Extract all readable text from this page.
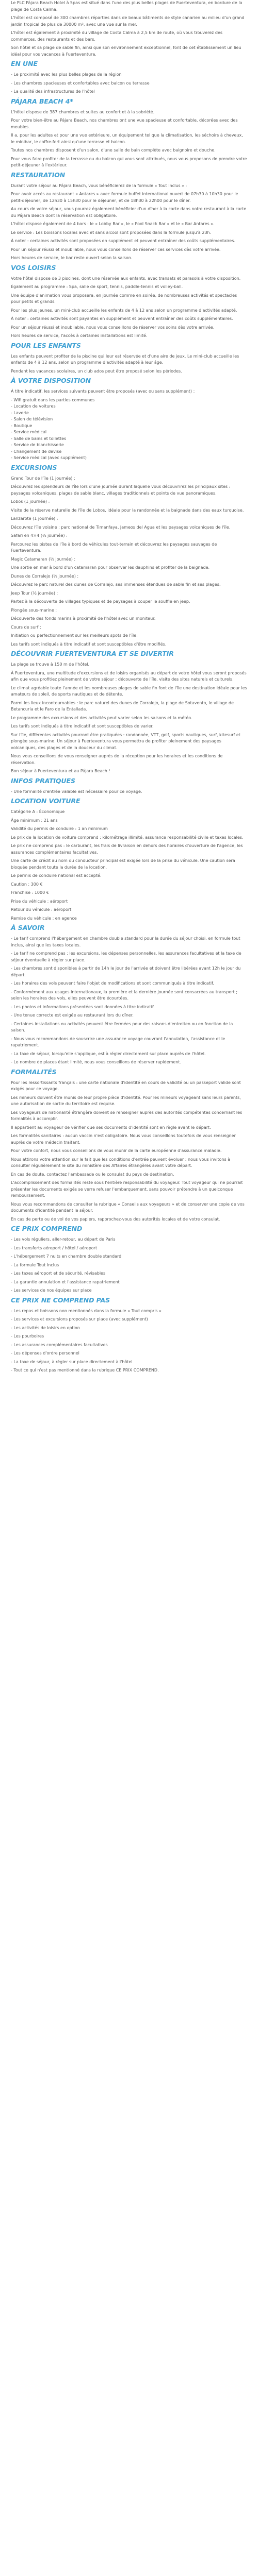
Le PLC Pájara Beach Hotel à 5pas est situé dans l'une des plus belles plages de Fuerteventura, en bordure de la plage de Costa Calma.

L'hôtel est composé de 300 chambres réparties dans de beaux bâtiments de style canarien au milieu d'un grand jardin tropical de plus de 30000 m², avec une vue sur la mer.

L'hôtel est également à proximité du village de Costa Calma à 2,5 km de route, où vous trouverez des commerces, des restaurants et des bars.

Son hôtel et sa plage de sable fin, ainsi que son environnement exceptionnel, font de cet établissement un lieu idéal pour vos vacances à Fuerteventura.

EN UNE

- Le proximité avec les plus belles plages de la région

- Les chambres spacieuses et confortables avec balcon ou terrasse

- La qualité des infrastructures de l'hôtel

PÁJARA BEACH 4*

L'hôtel dispose de 387 chambres et suites au confort et à la sobriété.

Pour votre bien-être au Pájara Beach, nos chambres ont une vue spacieuse et confortable, décorées avec des meubles.

Il a, pour les adultes et pour une vue extérieure, un équipement tel que la climatisation, les séchoirs à cheveux, le minibar, le coffre-fort ainsi qu'une terrasse et balcon.

Toutes nos chambres disposent d'un salon, d'une salle de bain complète avec baignoire et douche.

Pour vous faire profiter de la terrasse ou du balcon qui vous sont attribués, nous vous proposons de prendre votre petit-déjeuner à l'extérieur.

RESTAURATION

Durant votre séjour au Pájara Beach, vous bénéficierez de la formule « Tout Inclus » :

Pour avoir accès au restaurant « Antares » avec formule buffet international ouvert de 07h30 à 10h30 pour le petit-déjeuner, de 12h30 à 15h30 pour le déjeuner, et de 18h30 à 22h00 pour le dîner.

Au cours de votre séjour, vous pourrez également bénéficier d'un dîner à la carte dans notre restaurant à la carte du Pájara Beach dont la réservation est obligatoire.

L'hôtel dispose également de 4 bars : le « Lobby Bar », le « Pool Snack Bar » et le « Bar Antares ».

Le service : Les boissons locales avec et sans alcool sont proposées dans la formule jusqu'à 23h.

À noter : certaines activités sont proposées en supplément et peuvent entraîner des coûts supplémentaires.

Pour un séjour réussi et inoubliable, nous vous conseillons de réserver ces services dès votre arrivée.

Hors heures de service, le bar reste ouvert selon la saison.

VOS LOISIRS

Votre hôtel dispose de 3 piscines, dont une réservée aux enfants, avec transats et parasols à votre disposition.

Également au programme : Spa, salle de sport, tennis, paddle-tennis et volley-ball.

Une équipe d'animation vous proposera, en journée comme en soirée, de nombreuses activités et spectacles pour petits et grands.

Pour les plus jeunes, un mini-club accueille les enfants de 4 à 12 ans selon un programme d'activités adapté.

À noter : certaines activités sont payantes en supplément et peuvent entraîner des coûts supplémentaires.

Pour un séjour réussi et inoubliable, nous vous conseillons de réserver vos soins dès votre arrivée.

Hors heures de service, l'accès à certaines installations est limité.

POUR LES ENFANTS

Les enfants peuvent profiter de la piscine qui leur est réservée et d'une aire de jeux. Le mini-club accueille les enfants de 4 à 12 ans, selon un programme d'activités adapté à leur âge.

Pendant les vacances scolaires, un club ados peut être proposé selon les périodes.

À VOTRE DISPOSITION

À titre indicatif, les services suivants peuvent être proposés (avec ou sans supplément) :

- Wifi gratuit dans les parties communes
- Location de voitures
- Laverie
- Salon de télévision
- Boutique
- Service médical
- Salle de bains et toilettes
- Service de blanchisserie
- Changement de devise
- Service médical (avec supplément)
EXCURSIONS

Grand Tour de l'île (1 journée) :

Découvrez les splendeurs de l'île lors d'une journée durant laquelle vous découvrirez les principaux sites : paysages volcaniques, plages de sable blanc, villages traditionnels et points de vue panoramiques.

Lobos (1 journée) :

Visite de la réserve naturelle de l'île de Lobos, idéale pour la randonnée et la baignade dans des eaux turquoise.

Lanzarote (1 journée) :

Découvrez l'île voisine : parc national de Timanfaya, Jameos del Agua et les paysages volcaniques de l'île.

Safari en 4×4 (½ journée) :

Parcourez les pistes de l'île à bord de véhicules tout-terrain et découvrez les paysages sauvages de Fuerteventura.

Magic Catamaran (½ journée) :

Une sortie en mer à bord d'un catamaran pour observer les dauphins et profiter de la baignade.

Dunes de Corralejo (½ journée) :

Découvrez le parc naturel des dunes de Corralejo, ses immenses étendues de sable fin et ses plages.

Jeep Tour (½ journée) :

Partez à la découverte de villages typiques et de paysages à couper le souffle en jeep.

Plongée sous-marine :

Découverte des fonds marins à proximité de l'hôtel avec un moniteur.

Cours de surf :

Initiation ou perfectionnement sur les meilleurs spots de l'île.

Les tarifs sont indiqués à titre indicatif et sont susceptibles d'être modifiés.

DÉCOUVRIR FUERTEVENTURA ET SE DIVERTIR

La plage se trouve à 150 m de l'hôtel.

À Fuerteventura, une multitude d'excursions et de loisirs organisés au départ de votre hôtel vous seront proposés afin que vous profitiez pleinement de votre séjour : découverte de l'île, visite des sites naturels et culturels.

Le climat agréable toute l'année et les nombreuses plages de sable fin font de l'île une destination idéale pour les amateurs de soleil, de sports nautiques et de détente.

Parmi les lieux incontournables : le parc naturel des dunes de Corralejo, la plage de Sotavento, le village de Betancuria et le Faro de la Entallada.

Le programme des excursions et des activités peut varier selon les saisons et la météo.

Les tarifs sont indiqués à titre indicatif et sont susceptibles de varier.

Sur l'île, différentes activités pourront être pratiquées : randonnée, VTT, golf, sports nautiques, surf, kitesurf et plongée sous-marine. Un séjour à Fuerteventura vous permettra de profiter pleinement des paysages volcaniques, des plages et de la douceur du climat.

Nous vous conseillons de vous renseigner auprès de la réception pour les horaires et les conditions de réservation.

Bon séjour à Fuerteventura et au Pájara Beach !

INFOS PRATIQUES

- Une formalité d'entrée valable est nécessaire pour ce voyage.

LOCATION VOITURE

Catégorie A : Économique

Âge minimum : 21 ans

Validité du permis de conduire : 1 an minimum

Le prix de la location de voiture comprend : kilométrage illimité, assurance responsabilité civile et taxes locales.

Le prix ne comprend pas : le carburant, les frais de livraison en dehors des horaires d'ouverture de l'agence, les assurances complémentaires facultatives.

Une carte de crédit au nom du conducteur principal est exigée lors de la prise du véhicule. Une caution sera bloquée pendant toute la durée de la location.

Le permis de conduire national est accepté.

Caution : 300 €

Franchise : 1000 €

Prise du véhicule : aéroport

Retour du véhicule : aéroport

Remise du véhicule : en agence

À SAVOIR

- Le tarif comprend l'hébergement en chambre double standard pour la durée du séjour choisi, en formule tout inclus, ainsi que les taxes locales.

- Le tarif ne comprend pas : les excursions, les dépenses personnelles, les assurances facultatives et la taxe de séjour éventuelle à régler sur place.

- Les chambres sont disponibles à partir de 14h le jour de l'arrivée et doivent être libérées avant 12h le jour du départ.

- Les horaires des vols peuvent faire l'objet de modifications et sont communiqués à titre indicatif.

- Conformément aux usages internationaux, la première et la dernière journée sont consacrées au transport ; selon les horaires des vols, elles peuvent être écourtées.

- Les photos et informations présentées sont données à titre indicatif.

- Une tenue correcte est exigée au restaurant lors du dîner.

- Certaines installations ou activités peuvent être fermées pour des raisons d'entretien ou en fonction de la saison.

- Nous vous recommandons de souscrire une assurance voyage couvrant l'annulation, l'assistance et le rapatriement.

- La taxe de séjour, lorsqu'elle s'applique, est à régler directement sur place auprès de l'hôtel.

- Le nombre de places étant limité, nous vous conseillons de réserver rapidement.

FORMALITÉS

Pour les ressortissants français : une carte nationale d'identité en cours de validité ou un passeport valide sont exigés pour ce voyage.

Les mineurs doivent être munis de leur propre pièce d'identité. Pour les mineurs voyageant sans leurs parents, une autorisation de sortie du territoire est requise.

Les voyageurs de nationalité étrangère doivent se renseigner auprès des autorités compétentes concernant les formalités à accomplir.

Il appartient au voyageur de vérifier que ses documents d'identité sont en règle avant le départ.

Les formalités sanitaires : aucun vaccin n'est obligatoire. Nous vous conseillons toutefois de vous renseigner auprès de votre médecin traitant.

Pour votre confort, nous vous conseillons de vous munir de la carte européenne d'assurance maladie.

Nous attirons votre attention sur le fait que les conditions d'entrée peuvent évoluer : nous vous invitons à consulter régulièrement le site du ministère des Affaires étrangères avant votre départ.

En cas de doute, contactez l'ambassade ou le consulat du pays de destination.

L'accomplissement des formalités reste sous l'entière responsabilité du voyageur. Tout voyageur qui ne pourrait présenter les documents exigés se verra refuser l'embarquement, sans pouvoir prétendre à un quelconque remboursement.

Nous vous recommandons de consulter la rubrique « Conseils aux voyageurs » et de conserver une copie de vos documents d'identité pendant le séjour.

En cas de perte ou de vol de vos papiers, rapprochez-vous des autorités locales et de votre consulat.

CE PRIX COMPREND

- Les vols réguliers, aller-retour, au départ de Paris

- Les transferts aéroport / hôtel / aéroport

- L'hébergement 7 nuits en chambre double standard

- La formule Tout Inclus

- Les taxes aéroport et de sécurité, révisables

- La garantie annulation et l'assistance rapatriement

- Les services de nos équipes sur place

CE PRIX NE COMPREND PAS

- Les repas et boissons non mentionnés dans la formule « Tout compris »

- Les services et excursions proposés sur place (avec supplément)

- Les activités de loisirs en option

- Les pourboires

- Les assurances complémentaires facultatives

- Les dépenses d'ordre personnel

- La taxe de séjour, à régler sur place directement à l'hôtel

- Tout ce qui n'est pas mentionné dans la rubrique CE PRIX COMPREND.
